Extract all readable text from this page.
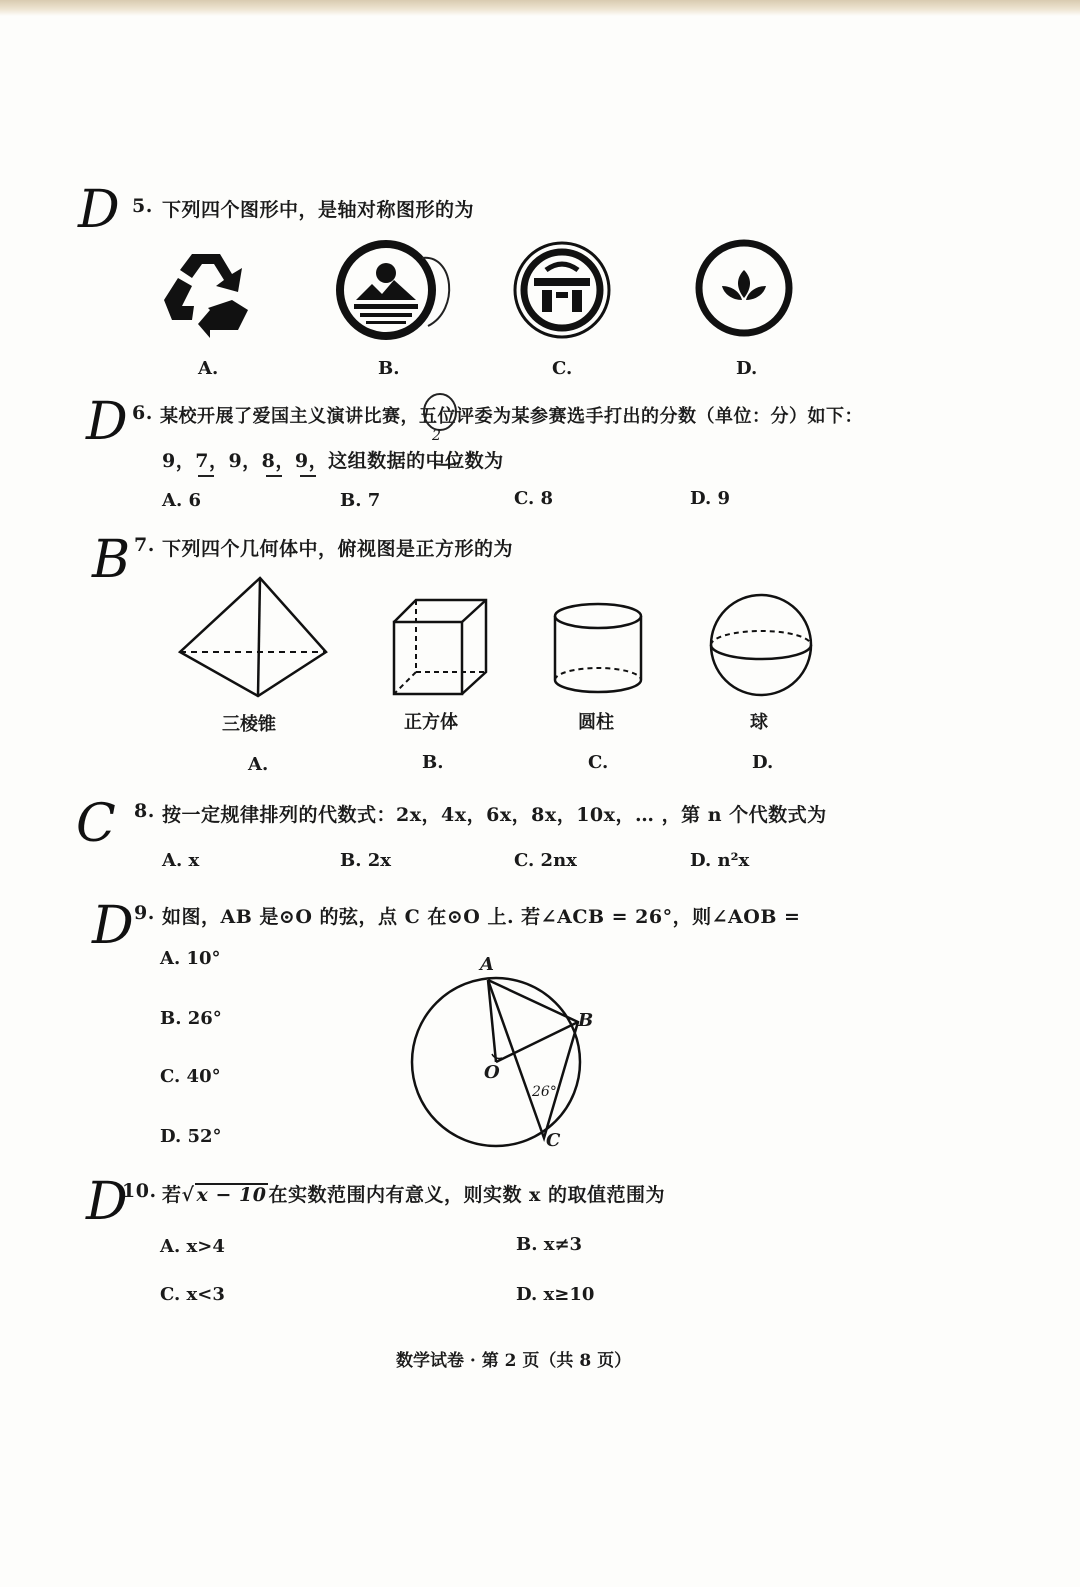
D 5. 下列四个图形中，是轴对称图形的为
A.	B.	C.	D.
D 6. 某校开展了爱国主义演讲比赛，五位评委为某参赛选手打出的分数（单位：分）如下：
2
9，7，9，8，9，这组数据的中位数为
A. 6	B. 7	C. 8	D. 9
B 7. 下列四个几何体中，俯视图是正方形的为
三棱锥	正方体	圆柱	球
A.	B.	C.	D.
C 8. 按一定规律排列的代数式：2x，4x，6x，8x，10x，… ，第 n 个代数式为
A. x	B. 2x	C. 2nx	D. n²x
D 9. 如图，AB 是⊙O 的弦，点 C 在⊙O 上. 若∠ACB = 26°，则∠AOB =
A. 10°
B. 26°
C. 40°
D. 52°
A
B
O
C
26°
D
10. 若√ x − 10 在实数范围内有意义，则实数 x 的取值范围为
A. x>4	B. x≠3
C. x<3	D. x≥10
数学试卷 · 第 2 页（共 8 页）
